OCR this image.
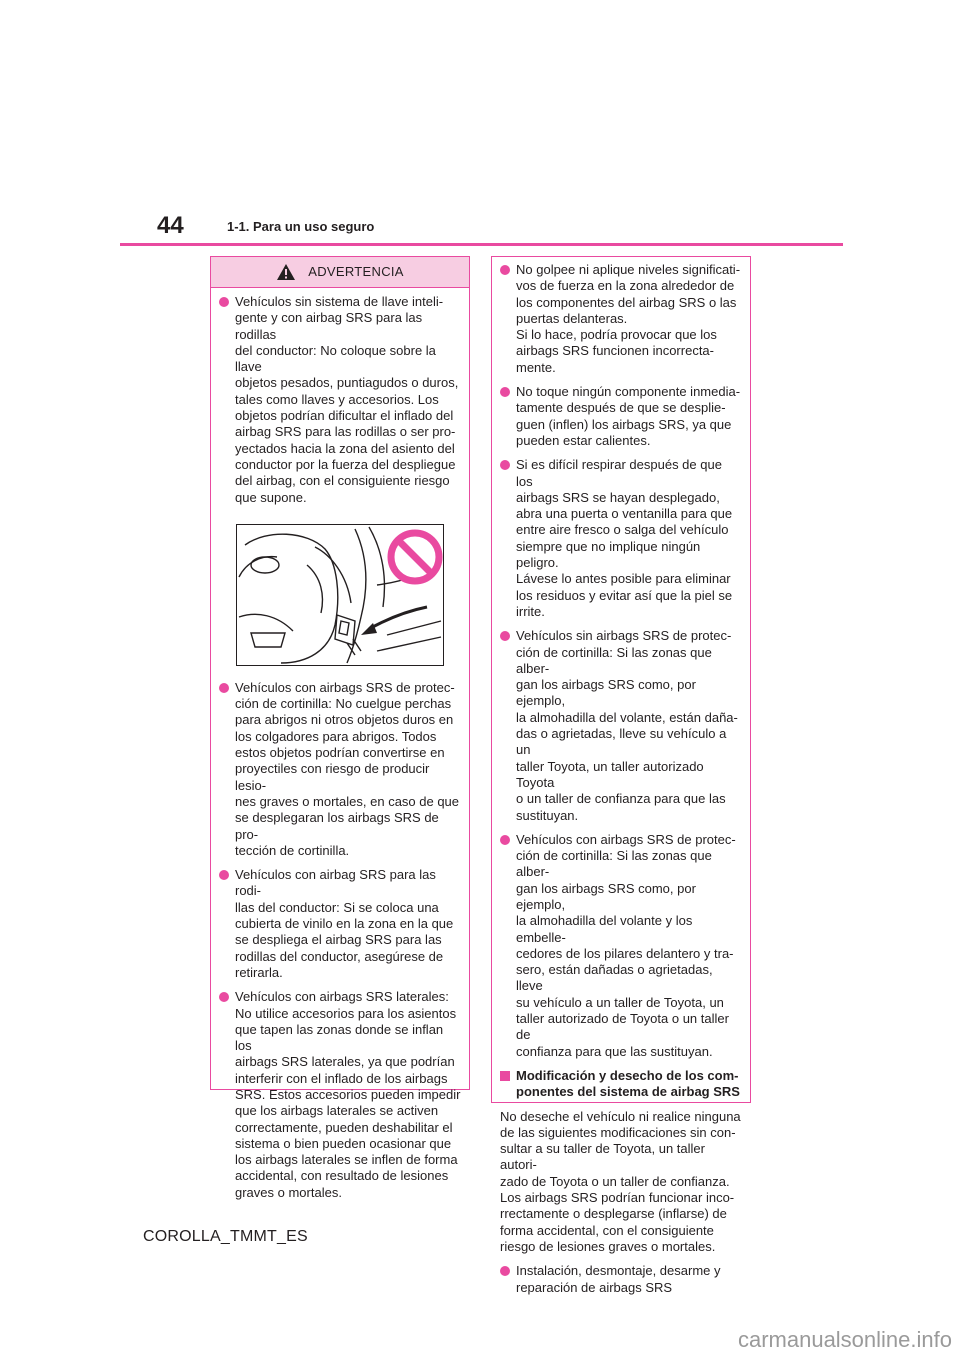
44	1-1. Para un uso seguro
ADVERTENCIA
Vehículos sin sistema de llave inteli-
gente y con airbag SRS para las rodillas
del conductor: No coloque sobre la llave
objetos pesados, puntiagudos o duros,
tales como llaves y accesorios. Los
objetos podrían dificultar el inflado del
airbag SRS para las rodillas o ser pro-
yectados hacia la zona del asiento del
conductor por la fuerza del despliegue
del airbag, con el consiguiente riesgo
que supone.
Vehículos con airbags SRS de protec-
ción de cortinilla: No cuelgue perchas
para abrigos ni otros objetos duros en
los colgadores para abrigos. Todos
estos objetos podrían convertirse en
proyectiles con riesgo de producir lesio-
nes graves o mortales, en caso de que
se desplegaran los airbags SRS de pro-
tección de cortinilla.
Vehículos con airbag SRS para las rodi-
llas del conductor: Si se coloca una
cubierta de vinilo en la zona en la que
se despliega el airbag SRS para las
rodillas del conductor, asegúrese de
retirarla.
Vehículos con airbags SRS laterales:
No utilice accesorios para los asientos
que tapen las zonas donde se inflan los
airbags SRS laterales, ya que podrían
interferir con el inflado de los airbags
SRS. Estos accesorios pueden impedir
que los airbags laterales se activen
correctamente, pueden deshabilitar el
sistema o bien pueden ocasionar que
los airbags laterales se inflen de forma
accidental, con resultado de lesiones
graves o mortales.
No golpee ni aplique niveles significati-
vos de fuerza en la zona alrededor de
los componentes del airbag SRS o las
puertas delanteras.
Si lo hace, podría provocar que los
airbags SRS funcionen incorrecta-
mente.
No toque ningún componente inmedia-
tamente después de que se desplie-
guen (inflen) los airbags SRS, ya que
pueden estar calientes.
Si es difícil respirar después de que los
airbags SRS se hayan desplegado,
abra una puerta o ventanilla para que
entre aire fresco o salga del vehículo
siempre que no implique ningún peligro.
Lávese lo antes posible para eliminar
los residuos y evitar así que la piel se
irrite.
Vehículos sin airbags SRS de protec-
ción de cortinilla: Si las zonas que alber-
gan los airbags SRS como, por ejemplo,
la almohadilla del volante, están daña-
das o agrietadas, lleve su vehículo a un
taller Toyota, un taller autorizado Toyota
o un taller de confianza para que las
sustituyan.
Vehículos con airbags SRS de protec-
ción de cortinilla: Si las zonas que alber-
gan los airbags SRS como, por ejemplo,
la almohadilla del volante y los embelle-
cedores de los pilares delantero y tra-
sero, están dañadas o agrietadas, lleve
su vehículo a un taller de Toyota, un
taller autorizado de Toyota o un taller de
confianza para que las sustituyan.
Modificación y desecho de los com-
ponentes del sistema de airbag SRS
No deseche el vehículo ni realice ninguna
de las siguientes modificaciones sin con-
sultar a su taller de Toyota, un taller autori-
zado de Toyota o un taller de confianza.
Los airbags SRS podrían funcionar inco-
rrectamente o desplegarse (inflarse) de
forma accidental, con el consiguiente
riesgo de lesiones graves o mortales.
Instalación, desmontaje, desarme y
reparación de airbags SRS
COROLLA_TMMT_ES
carmanualsonline.info
